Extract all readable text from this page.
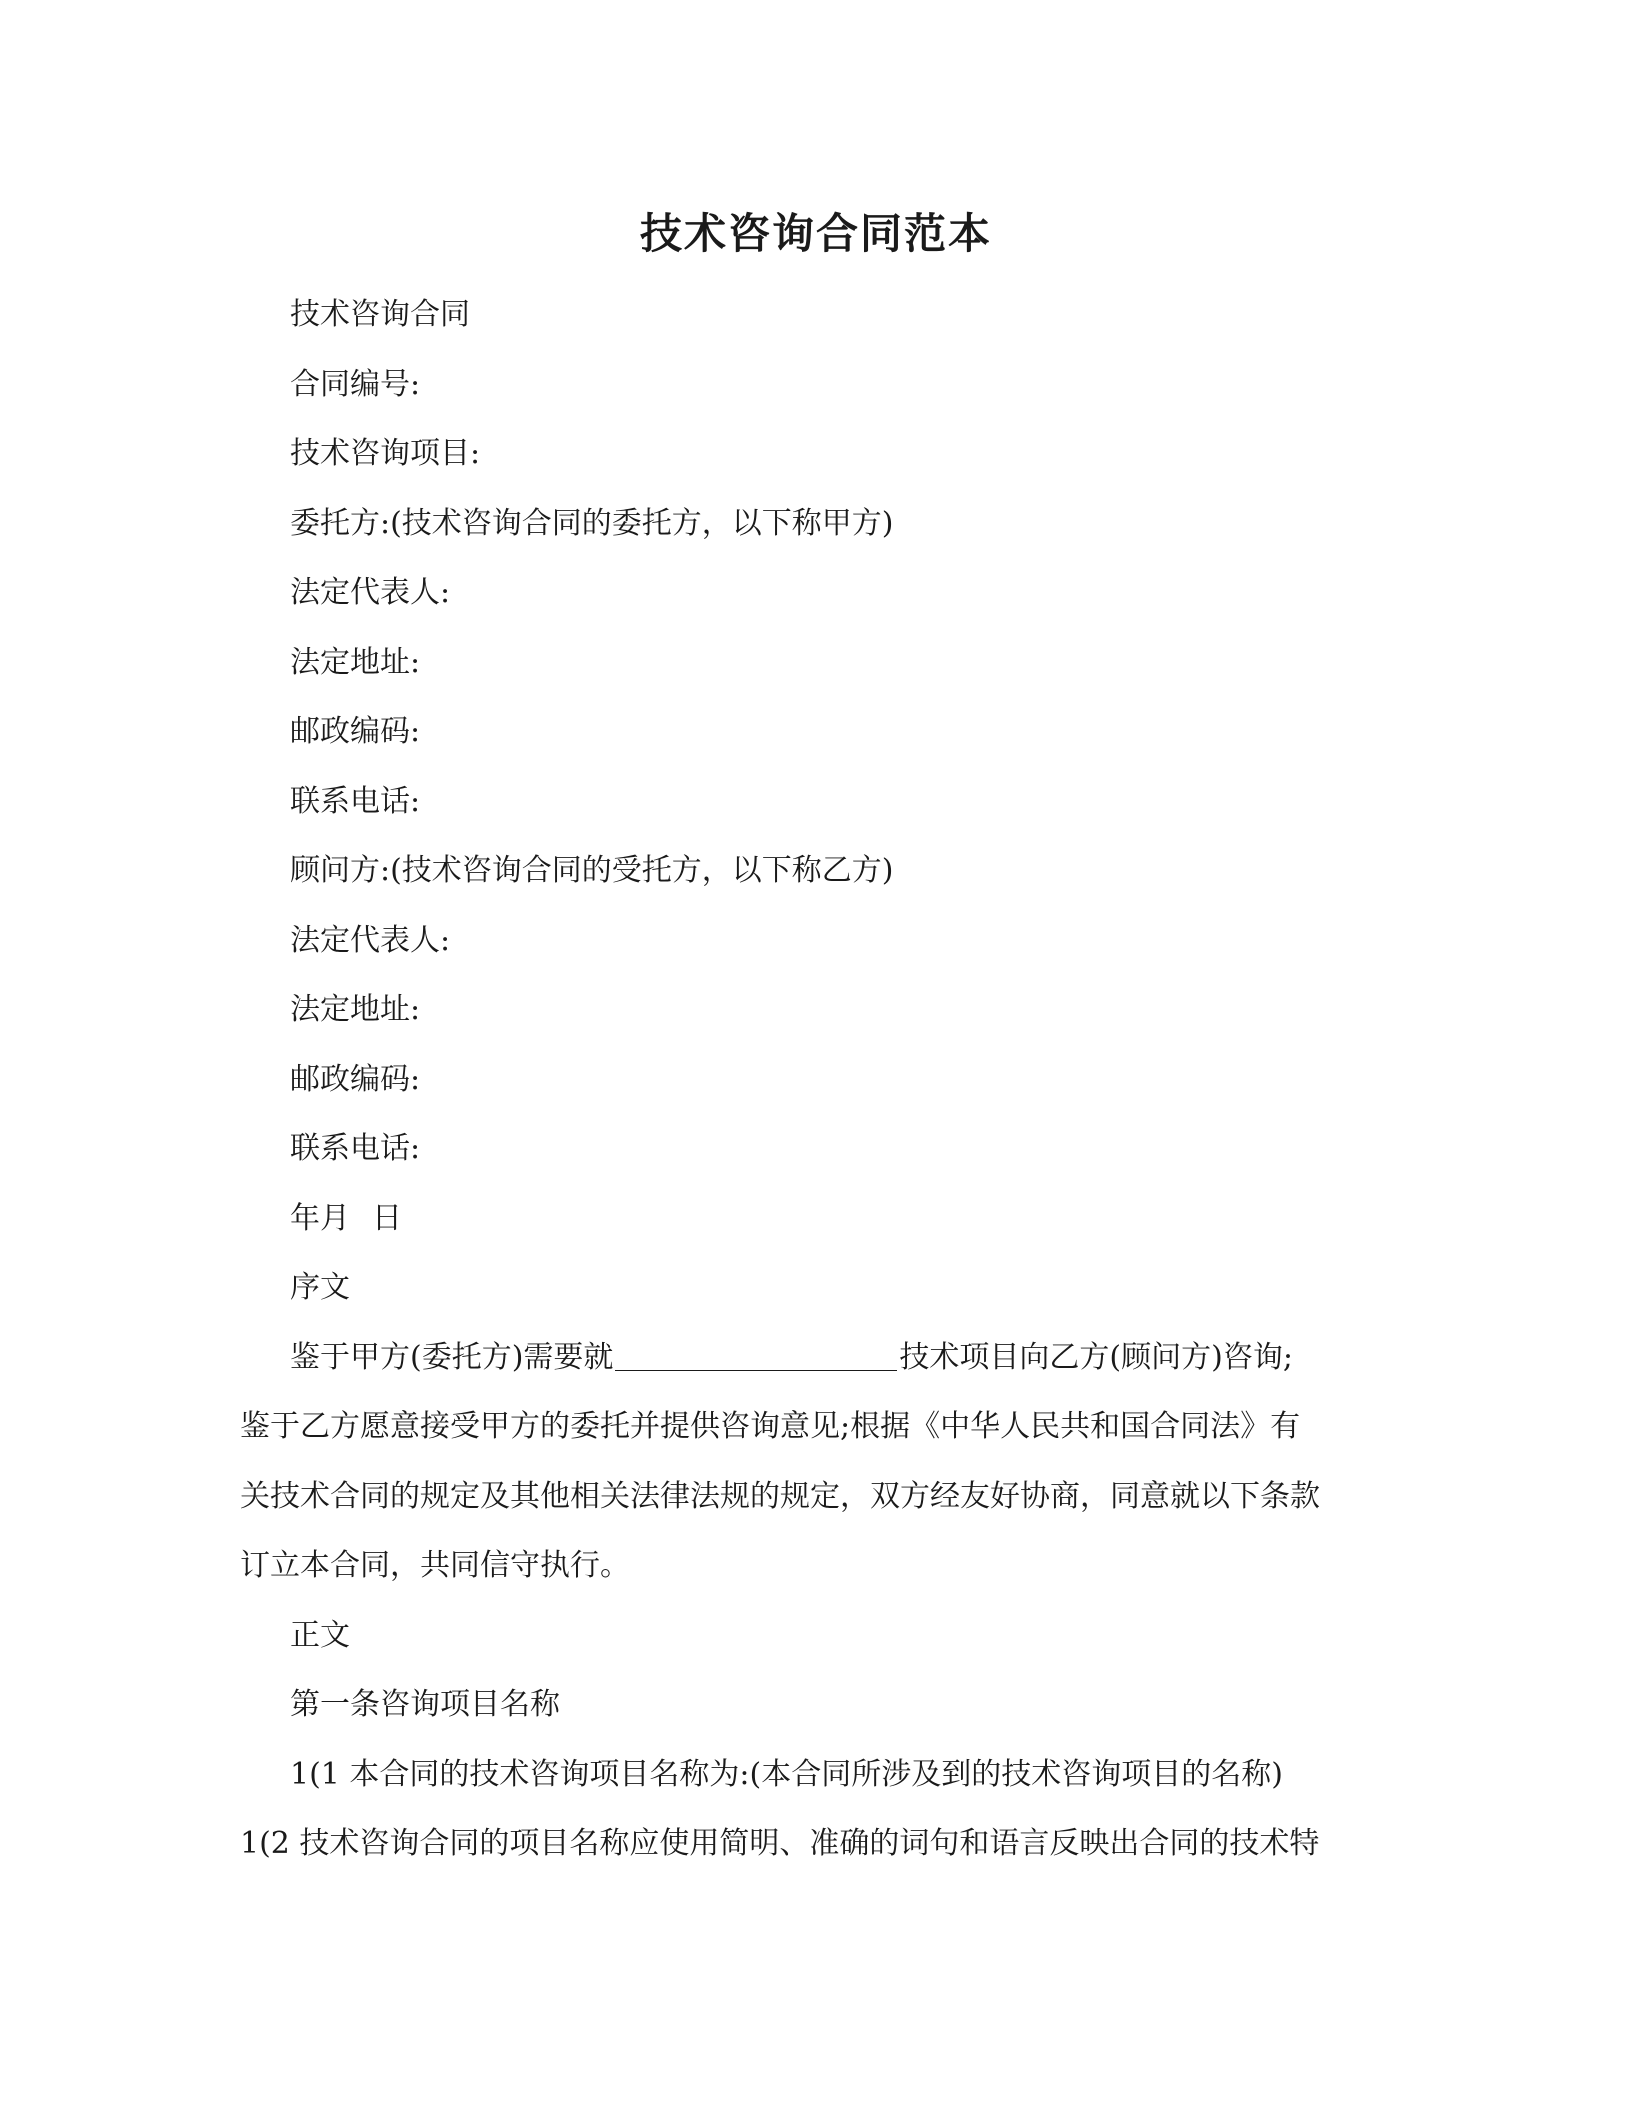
技术咨询合同范本
技术咨询合同
合同编号:
技术咨询项目:
委托方:(技术咨询合同的委托方，以下称甲方)
法定代表人:
法定地址:
邮政编码:
联系电话:
顾问方:(技术咨询合同的受托方，以下称乙方)
法定代表人:
法定地址:
邮政编码:
联系电话:
年月 日
序文
鉴于甲方(委托方)需要就	技术项目向乙方(顾问方)咨询;
鉴于乙方愿意接受甲方的委托并提供咨询意见;根据《中华人民共和国合同法》有
关技术合同的规定及其他相关法律法规的规定，双方经友好协商，同意就以下条款
订立本合同，共同信守执行。
正文
第一条咨询项目名称
1(1 本合同的技术咨询项目名称为:(本合同所涉及到的技术咨询项目的名称)
1(2 技术咨询合同的项目名称应使用简明、准确的词句和语言反映出合同的技术特
